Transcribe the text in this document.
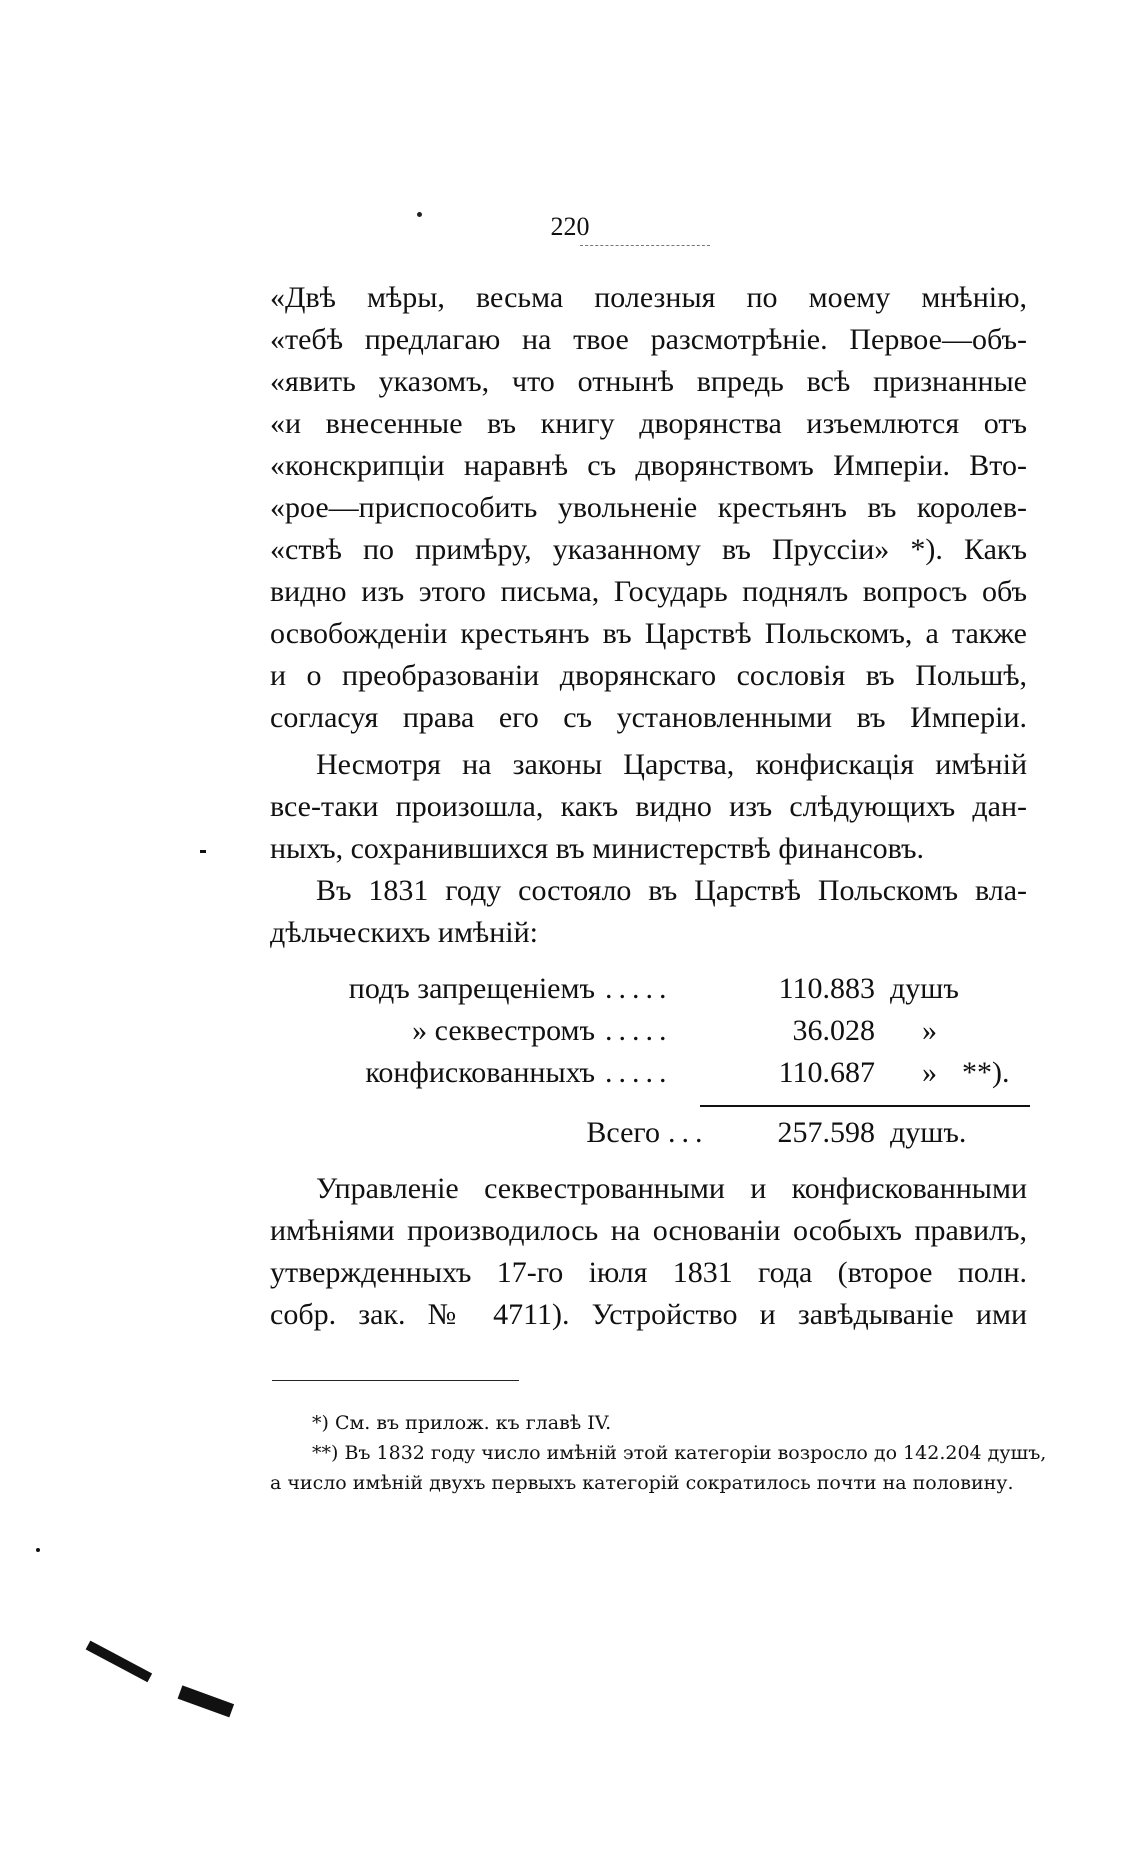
220
«Двѣ мѣры, весьма полезныя по моему мнѣнію,
«тебѣ предлагаю на твое разсмотрѣніе. Первое—объ-
«явить указомъ, что отнынѣ впредь всѣ признанные
«и внесенные въ книгу дворянства изъемлются отъ
«конскрипціи наравнѣ съ дворянствомъ Имперіи. Вто-
«рое—приспособить увольненіе крестьянъ въ королев-
«ствѣ по примѣру, указанному въ Пруссіи» *). Какъ
видно изъ этого письма, Государь поднялъ вопросъ объ
освобожденіи крестьянъ въ Царствѣ Польскомъ, а также
и о преобразованіи дворянскаго сословія въ Польшѣ,
согласуя права его съ установленными въ Имперіи.
Несмотря на законы Царства, конфискація имѣній
все-таки произошла, какъ видно изъ слѣдующихъ дан-
ныхъ, сохранившихся въ министерствѣ финансовъ.
Въ 1831 году состояло въ Царствѣ Польскомъ вла-
дѣльческихъ имѣній:
подъ запрещеніемъ .....	110.883 душъ
» секвестромъ .....	36.028 »
конфискованныхъ .....	110.687 » **).
Всего ...	257.598 душъ.
Управленіе секвестрованными и конфискованными
имѣніями производилось на основаніи особыхъ правилъ,
утвержденныхъ 17-го іюля 1831 года (второе полн.
собр. зак. № 4711). Устройство и завѣдываніе ими
*) См. въ прилож. къ главѣ IV.
**) Въ 1832 году число имѣній этой категоріи возросло до 142.204 душъ,
а число имѣній двухъ первыхъ категорій сократилось почти на половину.
